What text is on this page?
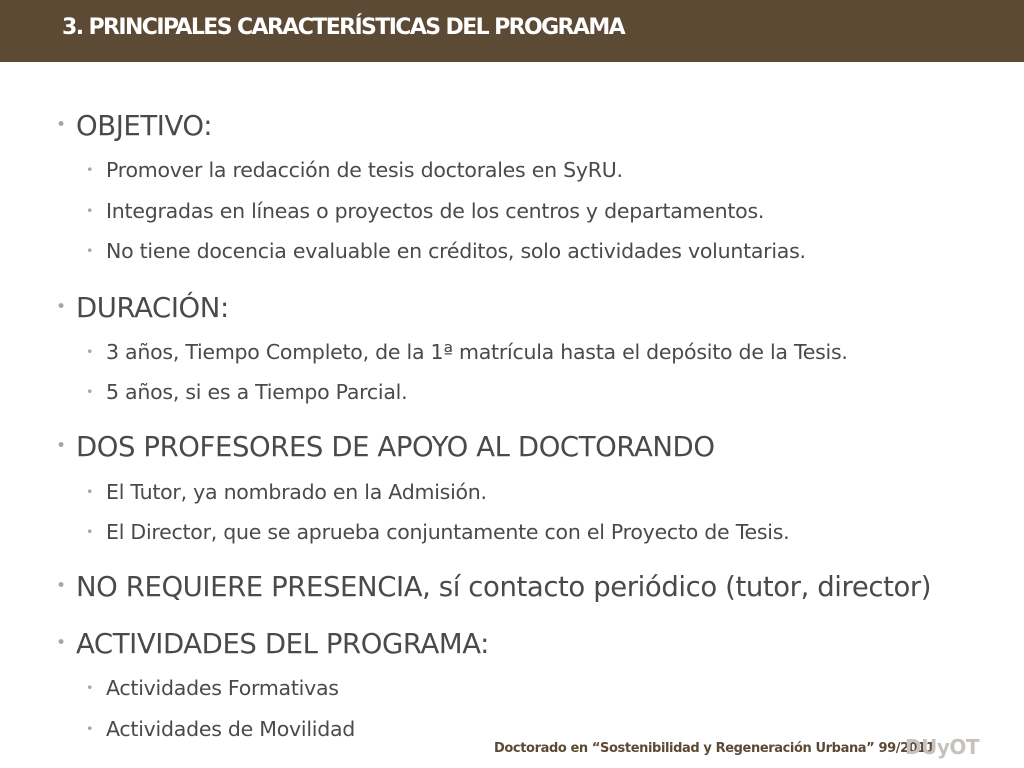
3. PRINCIPALES CARACTERÍSTICAS DEL PROGRAMA
• OBJETIVO:
• Promover la redacción de tesis doctorales en SyRU.
• Integradas en líneas o proyectos de los centros y departamentos.
• No tiene docencia evaluable en créditos, solo actividades voluntarias.
• DURACIÓN:
• 3 años, Tiempo Completo, de la 1ª matrícula hasta el depósito de la Tesis.
• 5 años, si es a Tiempo Parcial.
• DOS PROFESORES DE APOYO AL DOCTORANDO
• El Tutor, ya nombrado en la Admisión.
• El Director, que se aprueba conjuntamente con el Proyecto de Tesis.
• NO REQUIERE PRESENCIA, sí contacto periódico (tutor, director)
• ACTIVIDADES DEL PROGRAMA:
• Actividades Formativas
• Actividades de Movilidad
Doctorado en “Sostenibilidad y Regeneración Urbana” 99/2011
DUyOT
